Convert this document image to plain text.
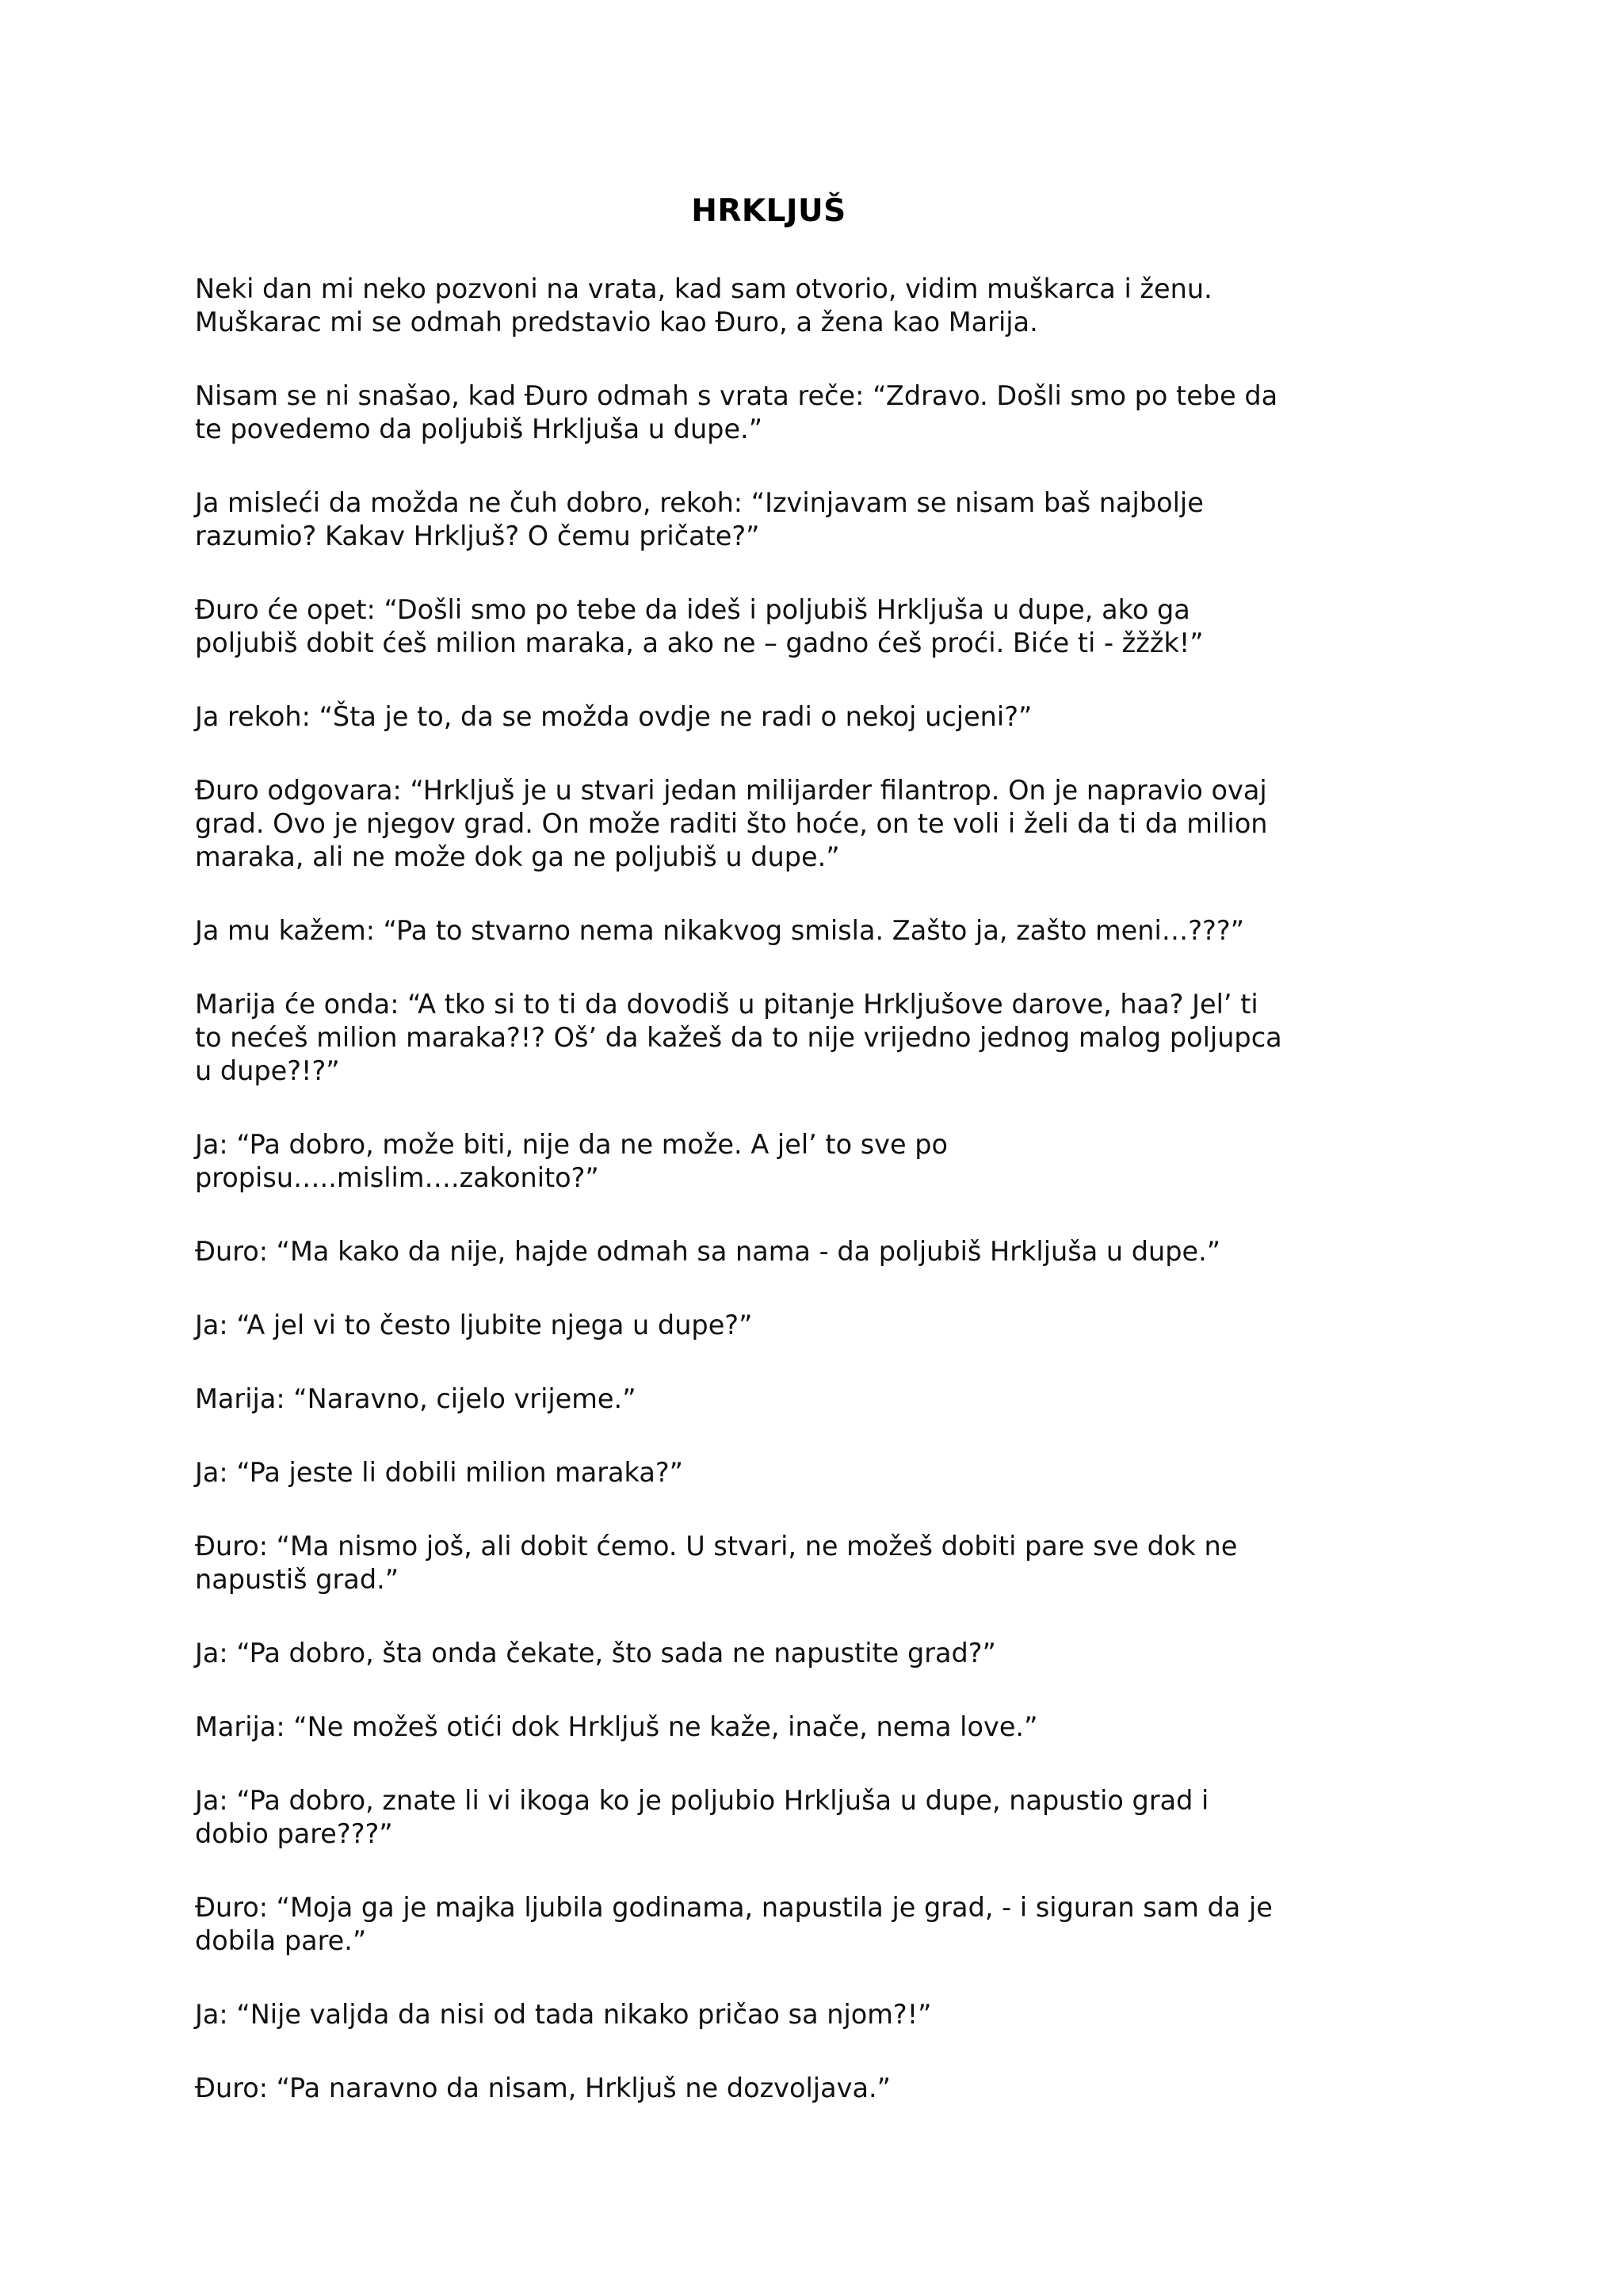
HRKLJUŠ

Neki dan mi neko pozvoni na vrata, kad sam otvorio, vidim muškarca i ženu.
Muškarac mi se odmah predstavio kao Đuro, a žena kao Marija.

Nisam se ni snašao, kad Đuro odmah s vrata reče: “Zdravo. Došli smo po tebe da
te povedemo da poljubiš Hrkljuša u dupe.”

Ja misleći da možda ne čuh dobro, rekoh: “Izvinjavam se nisam baš najbolje
razumio? Kakav Hrkljuš? O čemu pričate?”

Đuro će opet: “Došli smo po tebe da ideš i poljubiš Hrkljuša u dupe, ako ga
poljubiš dobit ćeš milion maraka, a ako ne – gadno ćeš proći. Biće ti - žžžk!”

Ja rekoh: “Šta je to, da se možda ovdje ne radi o nekoj ucjeni?”

Đuro odgovara: “Hrkljuš je u stvari jedan milijarder filantrop. On je napravio ovaj
grad. Ovo je njegov grad. On može raditi što hoće, on te voli i želi da ti da milion
maraka, ali ne može dok ga ne poljubiš u dupe.”

Ja mu kažem: “Pa to stvarno nema nikakvog smisla. Zašto ja, zašto meni…???”

Marija će onda: “A tko si to ti da dovodiš u pitanje Hrkljušove darove, haa? Jel’ ti
to nećeš milion maraka?!? Oš’ da kažeš da to nije vrijedno jednog malog poljupca
u dupe?!?”

Ja: “Pa dobro, može biti, nije da ne može. A jel’ to sve po
propisu…..mislim….zakonito?”

Đuro: “Ma kako da nije, hajde odmah sa nama - da poljubiš Hrkljuša u dupe.”

Ja: “A jel vi to često ljubite njega u dupe?”

Marija: “Naravno, cijelo vrijeme.”

Ja: “Pa jeste li dobili milion maraka?”

Đuro: “Ma nismo još, ali dobit ćemo. U stvari, ne možeš dobiti pare sve dok ne
napustiš grad.”

Ja: “Pa dobro, šta onda čekate, što sada ne napustite grad?”

Marija: “Ne možeš otići dok Hrkljuš ne kaže, inače, nema love.”

Ja: “Pa dobro, znate li vi ikoga ko je poljubio Hrkljuša u dupe, napustio grad i
dobio pare???”

Đuro: “Moja ga je majka ljubila godinama, napustila je grad, - i siguran sam da je
dobila pare.”

Ja: “Nije valjda da nisi od tada nikako pričao sa njom?!”

Đuro: “Pa naravno da nisam, Hrkljuš ne dozvoljava.”
